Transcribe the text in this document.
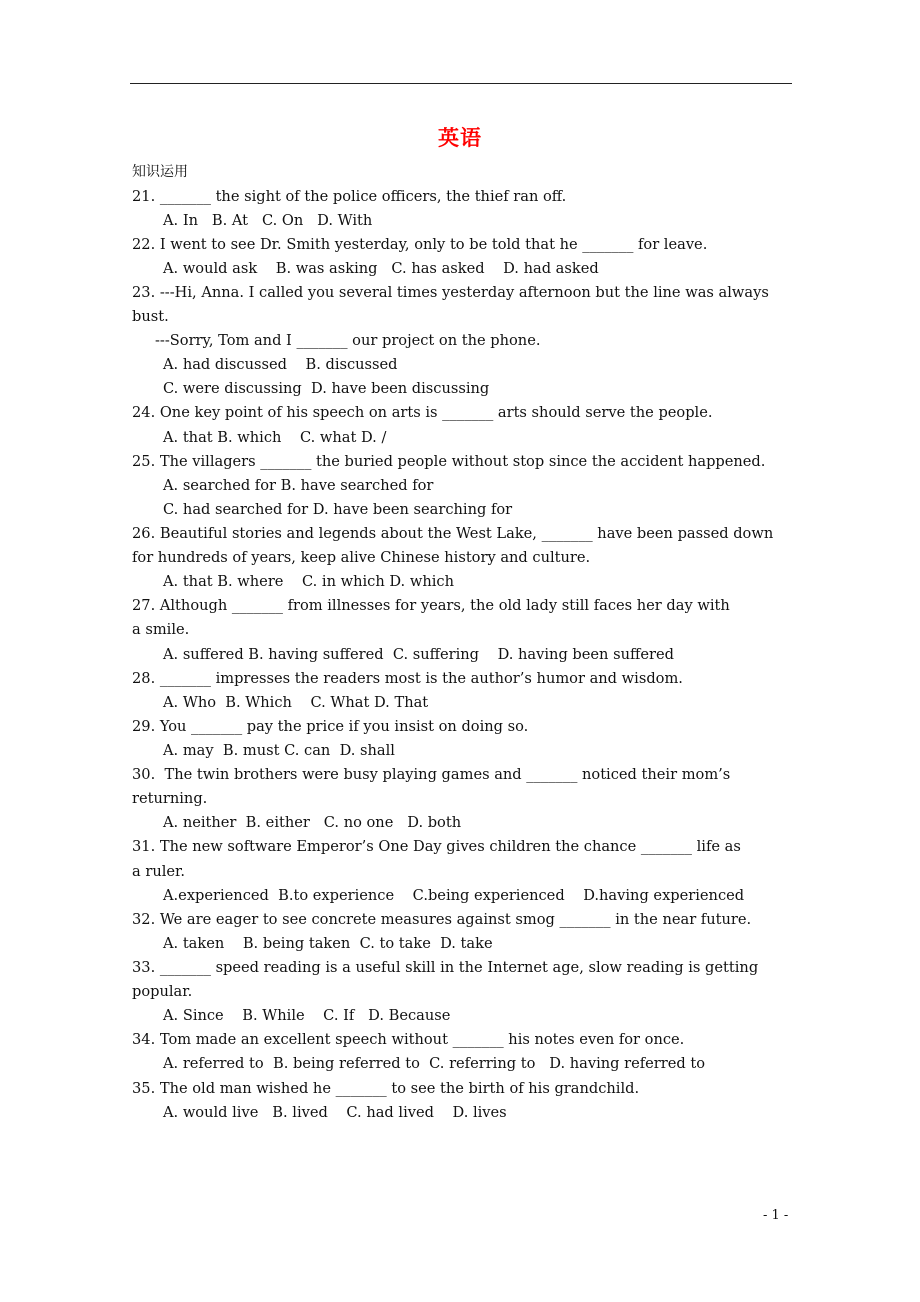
英语
知识运用
21. _______ the sight of the police officers, the thief ran off.
A. In   B. At   C. On   D. With
22. I went to see Dr. Smith yesterday, only to be told that he _______ for leave.
A. would ask    B. was asking   C. has asked    D. had asked
23. ---Hi, Anna. I called you several times yesterday afternoon but the line was always
bust.
---Sorry, Tom and I _______ our project on the phone.
A. had discussed    B. discussed
C. were discussing  D. have been discussing
24. One key point of his speech on arts is _______ arts should serve the people.
A. that B. which    C. what D. /
25. The villagers _______ the buried people without stop since the accident happened.
A. searched for B. have searched for
C. had searched for D. have been searching for
26. Beautiful stories and legends about the West Lake, _______ have been passed down
for hundreds of years, keep alive Chinese history and culture.
A. that B. where    C. in which D. which
27. Although _______ from illnesses for years, the old lady still faces her day with
a smile.
A. suffered B. having suffered  C. suffering    D. having been suffered
28. _______ impresses the readers most is the author’s humor and wisdom.
A. Who  B. Which    C. What D. That
29. You _______ pay the price if you insist on doing so.
A. may  B. must C. can  D. shall
30.  The twin brothers were busy playing games and _______ noticed their mom’s
returning.
A. neither  B. either   C. no one   D. both
31. The new software Emperor’s One Day gives children the chance _______ life as
a ruler.
A.experienced  B.to experience    C.being experienced    D.having experienced
32. We are eager to see concrete measures against smog _______ in the near future.
A. taken    B. being taken  C. to take  D. take
33. _______ speed reading is a useful skill in the Internet age, slow reading is getting
popular.
A. Since    B. While    C. If   D. Because
34. Tom made an excellent speech without _______ his notes even for once.
A. referred to  B. being referred to  C. referring to   D. having referred to
35. The old man wished he _______ to see the birth of his grandchild.
A. would live   B. lived    C. had lived    D. lives
- 1 -
